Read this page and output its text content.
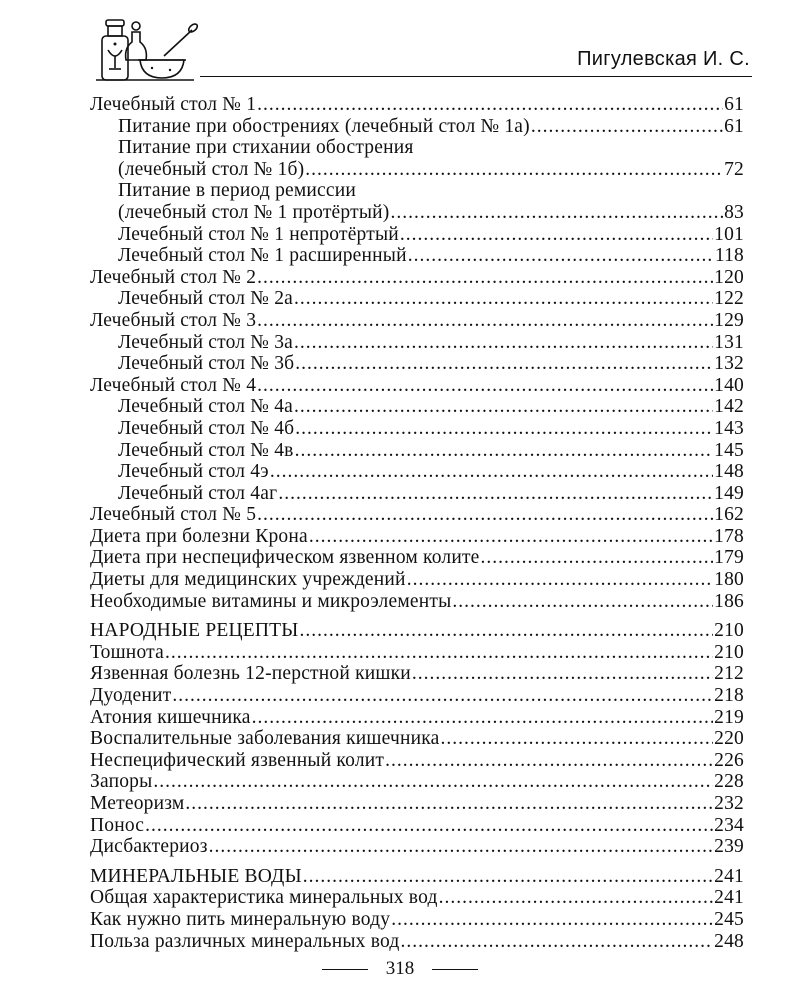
Пигулевская И. С.
Лечебный стол № 1 .....	61
Питание при обострениях (лечебный стол № 1а) .....	61
Питание при стихании обострения
(лечебный стол № 1б) .....	72
Питание в период ремиссии
(лечебный стол № 1 протёртый) .....	83
Лечебный стол № 1 непротёртый .....	101
Лечебный стол № 1 расширенный .....	118
Лечебный стол № 2 .....	120
Лечебный стол № 2а .....	122
Лечебный стол № 3 .....	129
Лечебный стол № 3а .....	131
Лечебный стол № 3б .....	132
Лечебный стол № 4 .....	140
Лечебный стол № 4а .....	142
Лечебный стол № 4б .....	143
Лечебный стол № 4в .....	145
Лечебный стол 4э .....	148
Лечебный стол 4аг .....	149
Лечебный стол № 5 .....	162
Диета при болезни Крона .....	178
Диета при неспецифическом язвенном колите .....	179
Диеты для медицинских учреждений .....	180
Необходимые витамины и микроэлементы .....	186
НАРОДНЫЕ РЕЦЕПТЫ .....	210
Тошнота .....	210
Язвенная болезнь 12-перстной кишки .....	212
Дуоденит .....	218
Атония кишечника .....	219
Воспалительные заболевания кишечника .....	220
Неспецифический язвенный колит .....	226
Запоры .....	228
Метеоризм .....	232
Понос .....	234
Дисбактериоз .....	239
МИНЕРАЛЬНЫЕ ВОДЫ .....	241
Общая характеристика минеральных вод .....	241
Как нужно пить минеральную воду .....	245
Польза различных минеральных вод .....	248
318
